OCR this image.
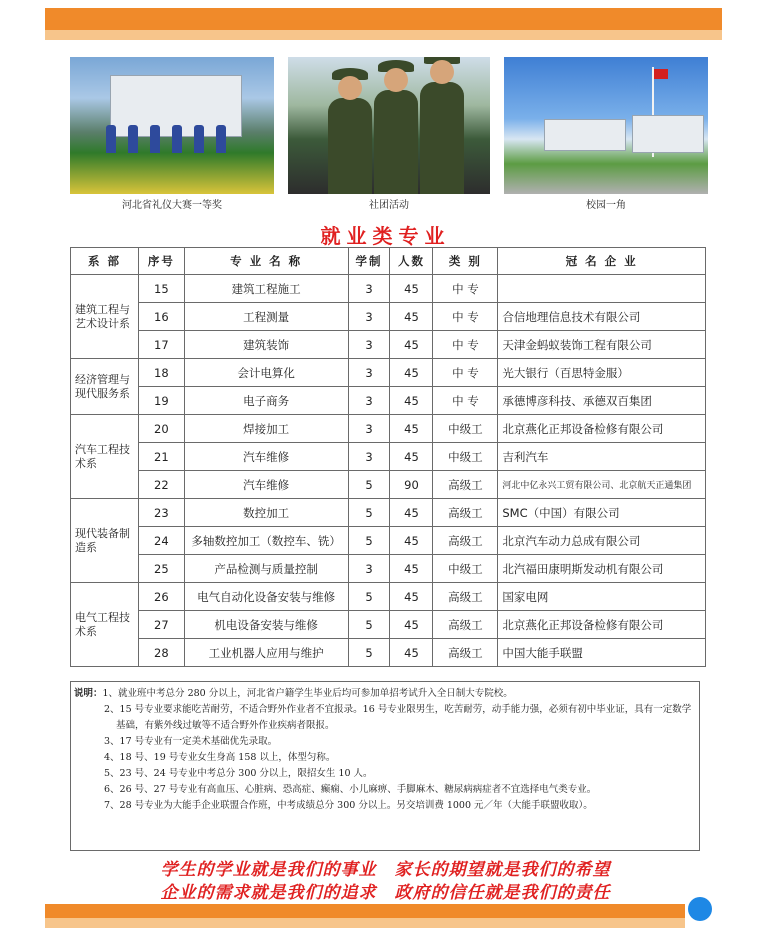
河北省礼仪大赛一等奖	社团活动	校园一角
就业类专业
系 部	序号	专 业 名 称	学制	人数	类 别	冠 名 企 业
建筑工程与艺术设计系	15	建筑工程施工	3	45	中 专	
	16	工程测量	3	45	中 专	合信地理信息技术有限公司
	17	建筑装饰	3	45	中 专	天津金蚂蚁装饰工程有限公司
经济管理与现代服务系	18	会计电算化	3	45	中 专	光大银行（百思特金服）
	19	电子商务	3	45	中 专	承德博彦科技、承德双百集团
汽车工程技术系	20	焊接加工	3	45	中级工	北京燕化正邦设备检修有限公司
	21	汽车维修	3	45	中级工	吉利汽车
	22	汽车维修	5	90	高级工	河北中亿永兴工贸有限公司、北京航天正通集团
现代装备制造系	23	数控加工	5	45	高级工	SMC（中国）有限公司
	24	多轴数控加工（数控车、铣）	5	45	高级工	北京汽车动力总成有限公司
	25	产品检测与质量控制	3	45	中级工	北汽福田康明斯发动机有限公司
电气工程技术系	26	电气自动化设备安装与维修	5	45	高级工	国家电网
	27	机电设备安装与维修	5	45	高级工	北京燕化正邦设备检修有限公司
	28	工业机器人应用与维护	5	45	高级工	中国大能手联盟
说明：1、就业班中考总分 280 分以上，河北省户籍学生毕业后均可参加单招考试升入全日制大专院校。
2、15 号专业要求能吃苦耐劳，不适合野外作业者不宜报录。16 号专业限男生，吃苦耐劳，动手能力强，必须有初中毕业证，具有一定数学基础，有紫外线过敏等不适合野外作业疾病者限报。
3、17 号专业有一定美术基础优先录取。
4、18 号、19 号专业女生身高 158 以上，体型匀称。
5、23 号、24 号专业中考总分 300 分以上，限招女生 10 人。
6、26 号、27 号专业有高血压、心脏病、恐高症、癫痫、小儿麻痹、手脚麻木、糖尿病病症者不宜选择电气类专业。
7、28 号专业为大能手企业联盟合作班，中考成绩总分 300 分以上。另交培训费 1000 元／年（大能手联盟收取）。
学生的学业就是我们的事业　家长的期望就是我们的希望
企业的需求就是我们的追求　政府的信任就是我们的责任
